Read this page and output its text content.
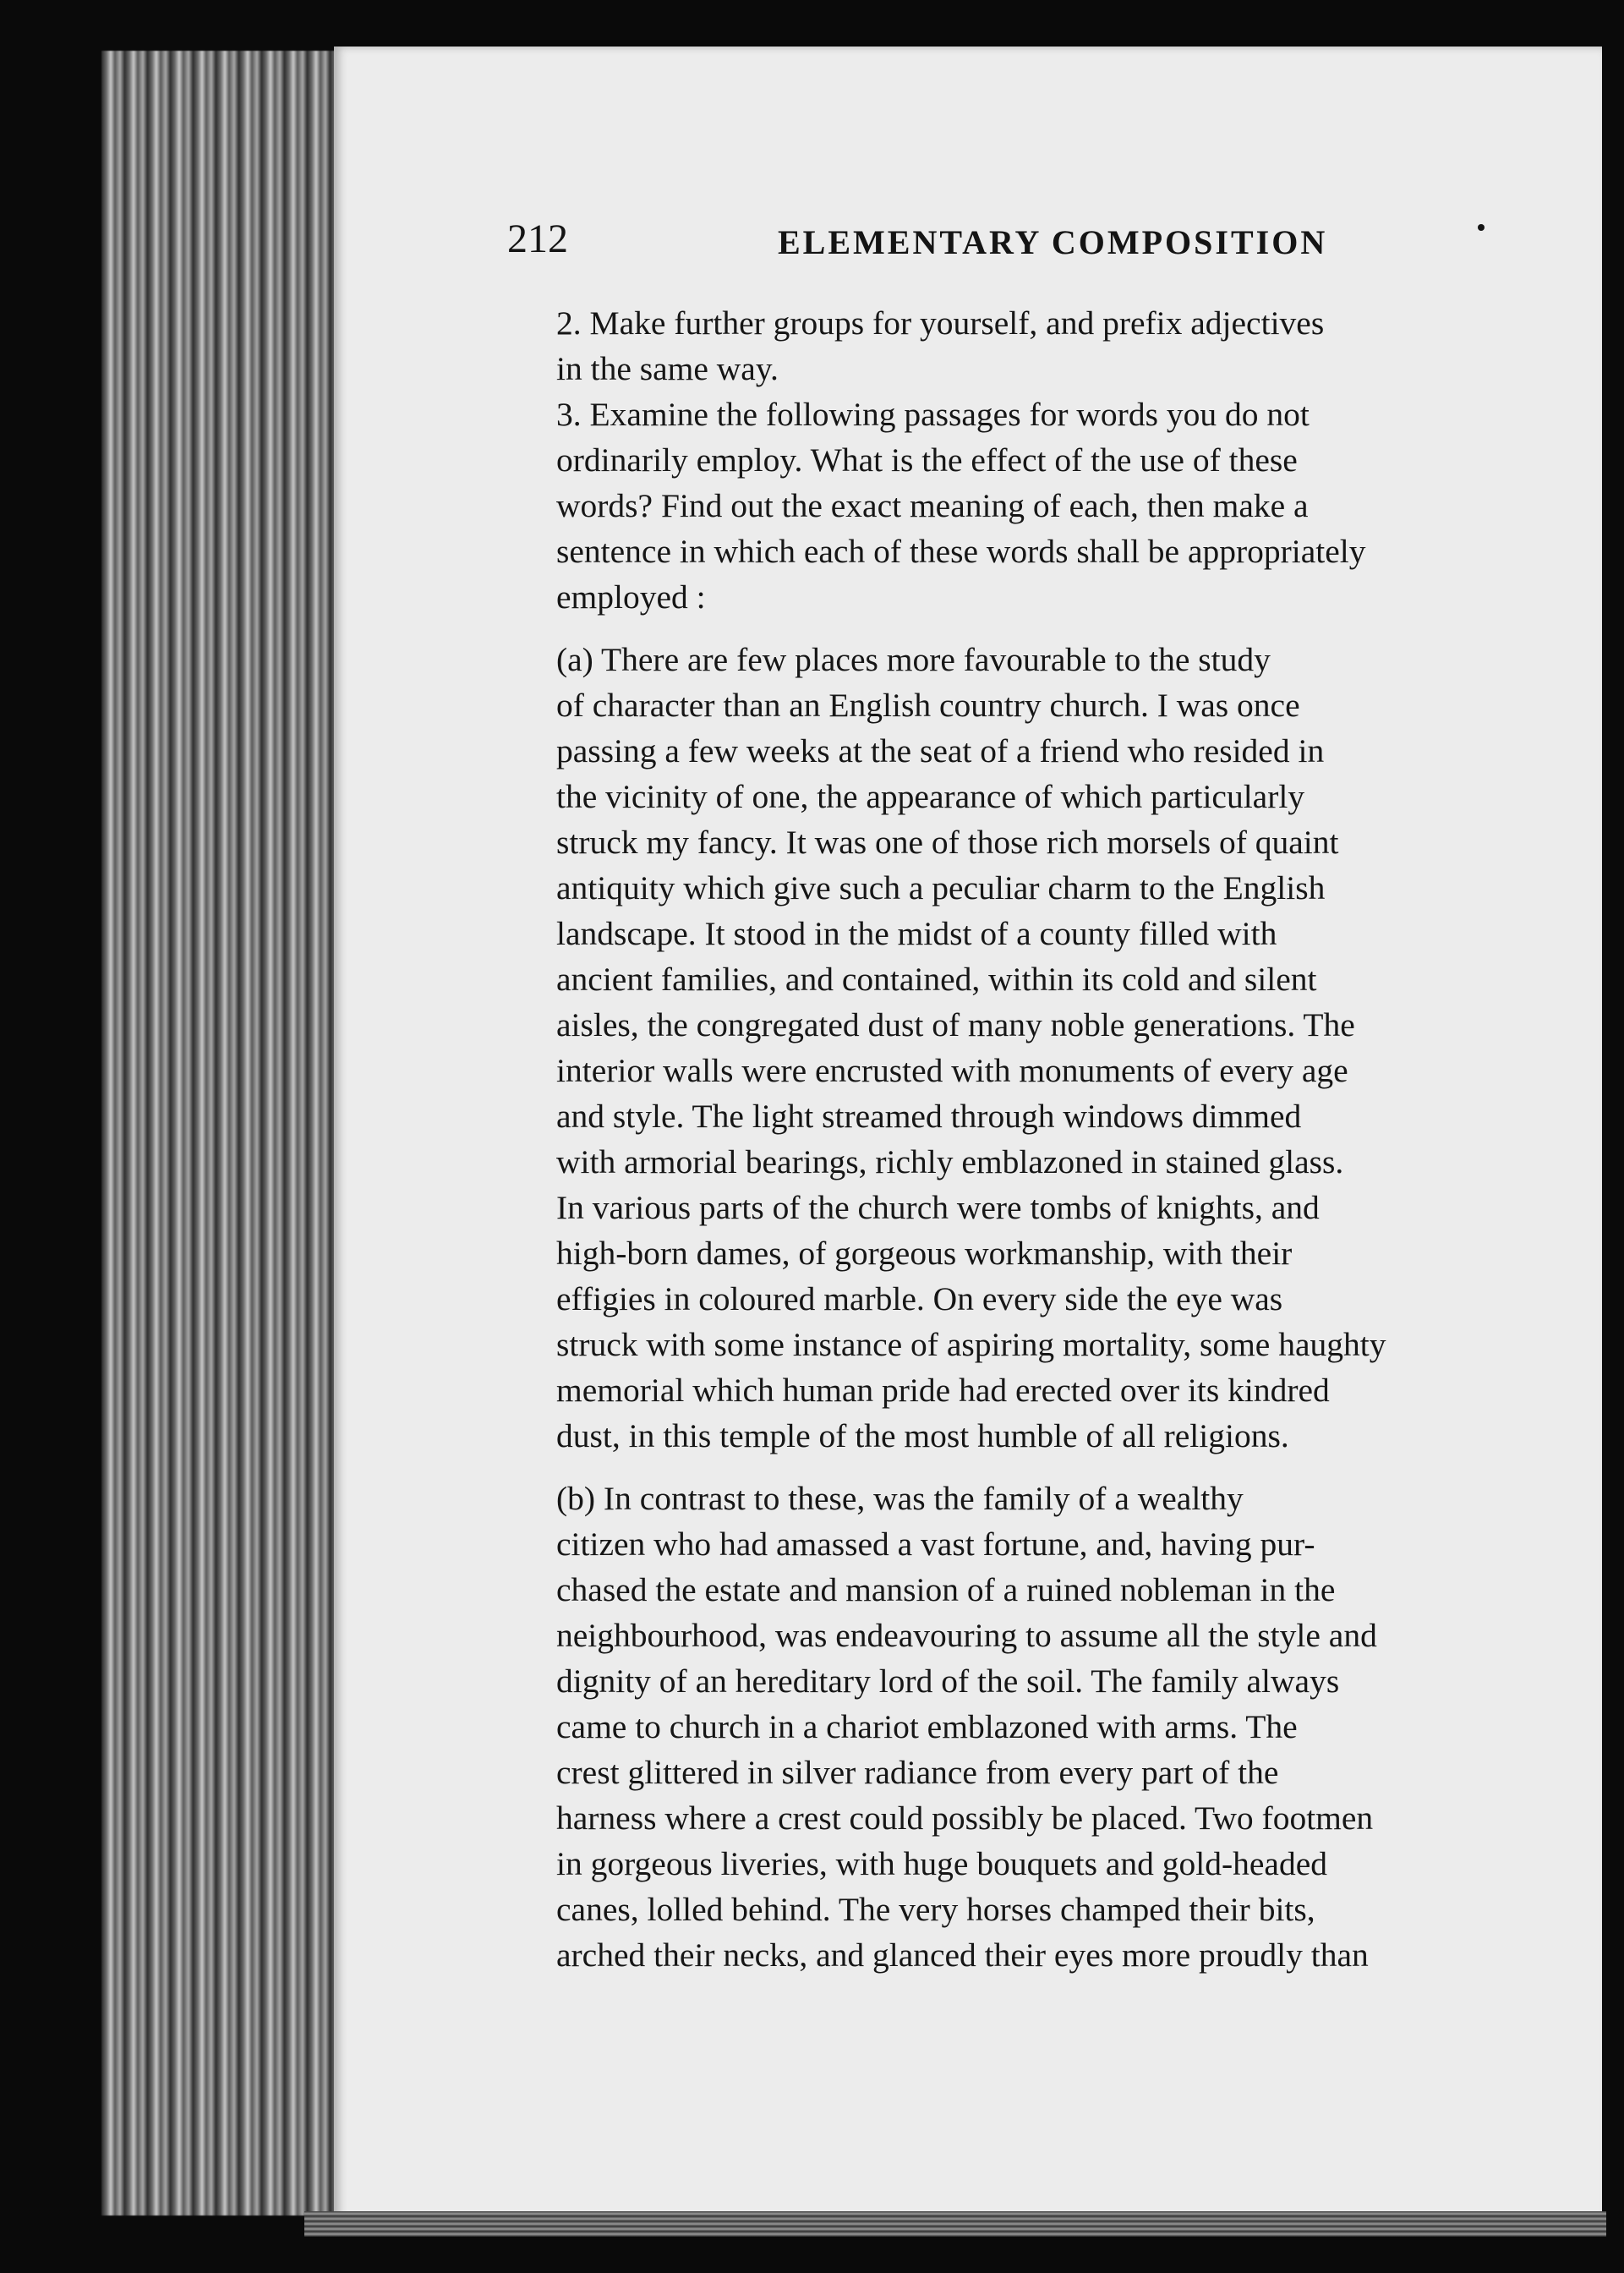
212	ELEMENTARY COMPOSITION
2. Make further groups for yourself, and prefix adjectives
in the same way.
3. Examine the following passages for words you do not
ordinarily employ. What is the effect of the use of these
words? Find out the exact meaning of each, then make a
sentence in which each of these words shall be appropriately
employed :
(a) There are few places more favourable to the study
of character than an English country church. I was once
passing a few weeks at the seat of a friend who resided in
the vicinity of one, the appearance of which particularly
struck my fancy. It was one of those rich morsels of quaint
antiquity which give such a peculiar charm to the English
landscape. It stood in the midst of a county filled with
ancient families, and contained, within its cold and silent
aisles, the congregated dust of many noble generations. The
interior walls were encrusted with monuments of every age
and style. The light streamed through windows dimmed
with armorial bearings, richly emblazoned in stained glass.
In various parts of the church were tombs of knights, and
high-born dames, of gorgeous workmanship, with their
effigies in coloured marble. On every side the eye was
struck with some instance of aspiring mortality, some haughty
memorial which human pride had erected over its kindred
dust, in this temple of the most humble of all religions.
(b) In contrast to these, was the family of a wealthy
citizen who had amassed a vast fortune, and, having pur-
chased the estate and mansion of a ruined nobleman in the
neighbourhood, was endeavouring to assume all the style and
dignity of an hereditary lord of the soil. The family always
came to church in a chariot emblazoned with arms. The
crest glittered in silver radiance from every part of the
harness where a crest could possibly be placed. Two footmen
in gorgeous liveries, with huge bouquets and gold-headed
canes, lolled behind. The very horses champed their bits,
arched their necks, and glanced their eyes more proudly than
